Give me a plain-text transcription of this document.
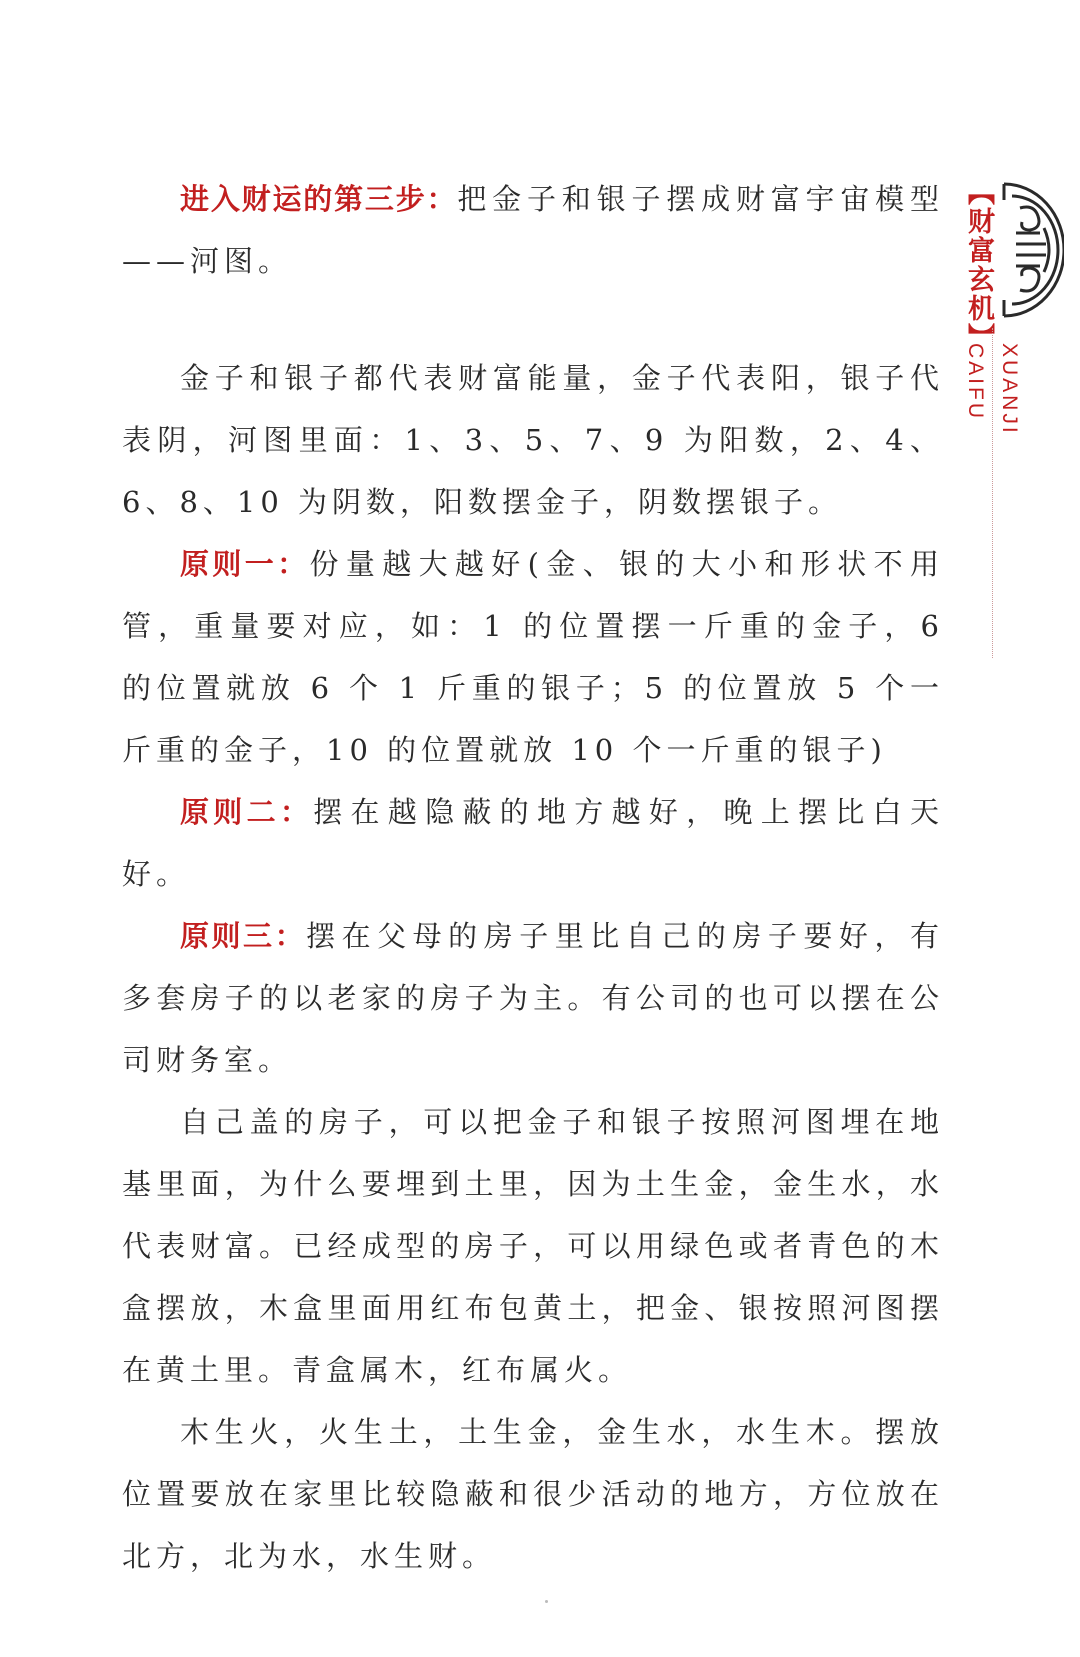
【财富玄机】
CAIFU XUANJI

进入财运的第三步：把金子和银子摆成财富宇宙模型——河图。

金子和银子都代表财富能量，金子代表阳，银子代表阴，河图里面：1、3、5、7、9 为阳数，2、4、6、8、10 为阴数，阳数摆金子，阴数摆银子。

原则一：份量越大越好(金、银的大小和形状不用管，重量要对应，如：1 的位置摆一斤重的金子，6 的位置就放 6 个 1 斤重的银子；5 的位置放 5 个一斤重的金子，10 的位置就放 10 个一斤重的银子)

原则二：摆在越隐蔽的地方越好，晚上摆比白天好。

原则三：摆在父母的房子里比自己的房子要好，有多套房子的以老家的房子为主。有公司的也可以摆在公司财务室。

自己盖的房子，可以把金子和银子按照河图埋在地基里面，为什么要埋到土里，因为土生金，金生水，水代表财富。已经成型的房子，可以用绿色或者青色的木盒摆放，木盒里面用红布包黄土，把金、银按照河图摆在黄土里。青盒属木，红布属火。

木生火，火生土，土生金，金生水，水生木。摆放位置要放在家里比较隐蔽和很少活动的地方，方位放在北方，北为水，水生财。
